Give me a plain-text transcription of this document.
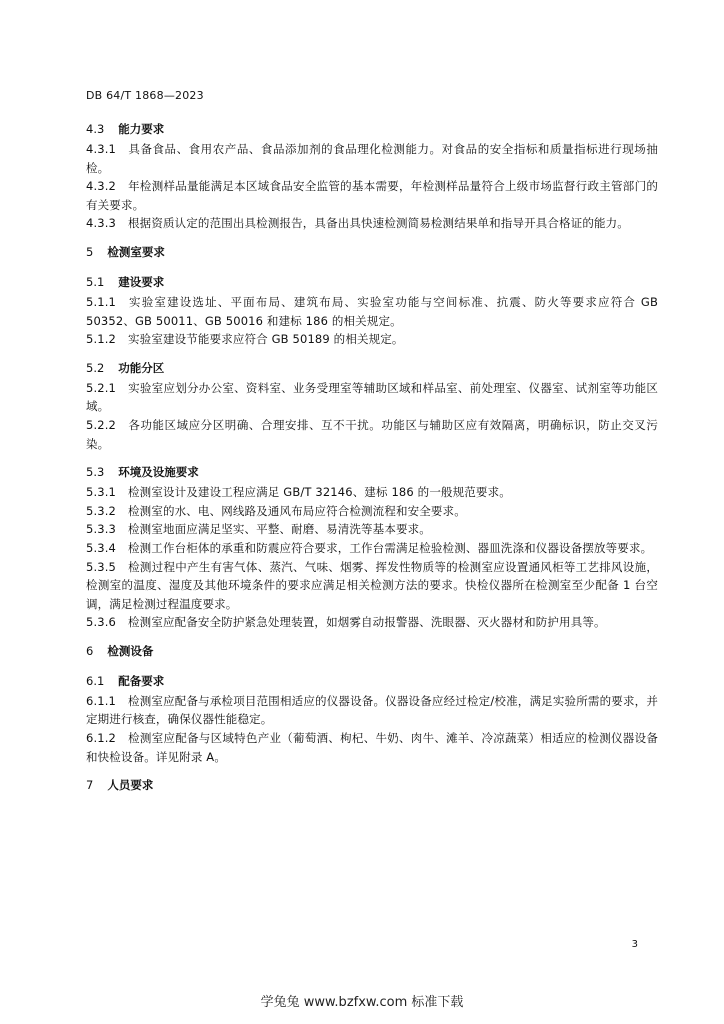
DB 64/T 1868—2023
4.3 能力要求
4.3.1 具备食品、食用农产品、食品添加剂的食品理化检测能力。对食品的安全指标和质量指标进行现场抽检。
4.3.2 年检测样品量能满足本区域食品安全监管的基本需要，年检测样品量符合上级市场监督行政主管部门的有关要求。
4.3.3 根据资质认定的范围出具检测报告，具备出具快速检测简易检测结果单和指导开具合格证的能力。
5 检测室要求
5.1 建设要求
5.1.1 实验室建设选址、平面布局、建筑布局、实验室功能与空间标准、抗震、防火等要求应符合 GB 50352、GB 50011、GB 50016 和建标 186 的相关规定。
5.1.2 实验室建设节能要求应符合 GB 50189 的相关规定。
5.2 功能分区
5.2.1 实验室应划分办公室、资料室、业务受理室等辅助区域和样品室、前处理室、仪器室、试剂室等功能区域。
5.2.2 各功能区域应分区明确、合理安排、互不干扰。功能区与辅助区应有效隔离，明确标识，防止交叉污染。
5.3 环境及设施要求
5.3.1 检测室设计及建设工程应满足 GB/T 32146、建标 186 的一般规范要求。
5.3.2 检测室的水、电、网线路及通风布局应符合检测流程和安全要求。
5.3.3 检测室地面应满足坚实、平整、耐磨、易清洗等基本要求。
5.3.4 检测工作台柜体的承重和防震应符合要求，工作台需满足检验检测、器皿洗涤和仪器设备摆放等要求。
5.3.5 检测过程中产生有害气体、蒸汽、气味、烟雾、挥发性物质等的检测室应设置通风柜等工艺排风设施，检测室的温度、湿度及其他环境条件的要求应满足相关检测方法的要求。快检仪器所在检测室至少配备 1 台空调，满足检测过程温度要求。
5.3.6 检测室应配备安全防护紧急处理装置，如烟雾自动报警器、洗眼器、灭火器材和防护用具等。
6 检测设备
6.1 配备要求
6.1.1 检测室应配备与承检项目范围相适应的仪器设备。仪器设备应经过检定/校准，满足实验所需的要求，并定期进行核查，确保仪器性能稳定。
6.1.2 检测室应配备与区域特色产业（葡萄酒、枸杞、牛奶、肉牛、滩羊、冷凉蔬菜）相适应的检测仪器设备和快检设备。详见附录 A。
7 人员要求
3
学兔兔 www.bzfxw.com 标准下载
